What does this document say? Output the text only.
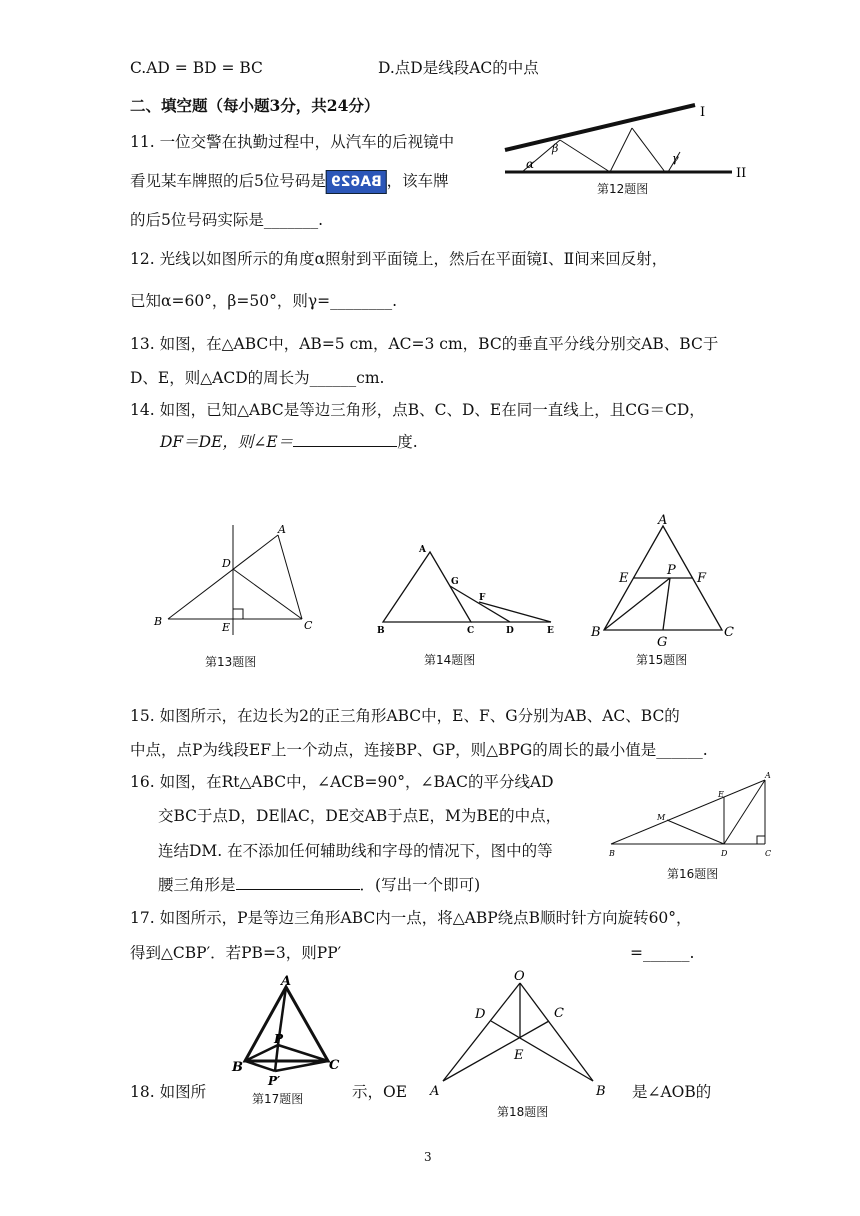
C.AD = BD = BC	D.点D是线段AC的中点
二、填空题（每小题3分，共24分）
11. 一位交警在执勤过程中，从汽车的后视镜中
看见某车牌照的后5位号码是 BA629 ，该车牌
的后5位号码实际是_______.
I
II
α
β
γ
第12题图
12. 光线以如图所示的角度α照射到平面镜上，然后在平面镜Ⅰ、Ⅱ间来回反射，
已知α=60°，β=50°，则γ=________.
13. 如图，在△ABC中，AB=5 cm，AC=3 cm，BC的垂直平分线分别交AB、BC于
D、E，则△ACD的周长为______cm.
14. 如图，已知△ABC是等边三角形，点B、C、D、E在同一直线上，且CG＝CD，
DF＝DE，则∠E＝	度.
A
B	C
D
E
第13题图
A
B	C	D	E
F
G
第14题图
A
B	C
E	F
G
P
第15题图
15. 如图所示，在边长为2的正三角形ABC中，E、F、G分别为AB、AC、BC的
中点，点P为线段EF上一个动点，连接BP、GP，则△BPG的周长的最小值是______.
16. 如图，在Rt△ABC中，∠ACB=90°，∠BAC的平分线AD
交BC于点D，DE∥AC，DE交AB于点E，M为BE的中点，
连结DM. 在不添加任何辅助线和字母的情况下，图中的等
腰三角形是	．(写出一个即可)
A
B	C
D
E
M
第16题图
17. 如图所示，P是等边三角形ABC内一点，将△ABP绕点B顺时针方向旋转60°，
得到△CBP′．若PB=3，则PP′	=______.
A
B	C
P
P′
O
A	B
C
D
E
18. 如图所	示，OE	是∠AOB的
第17题图
第18题图
3
